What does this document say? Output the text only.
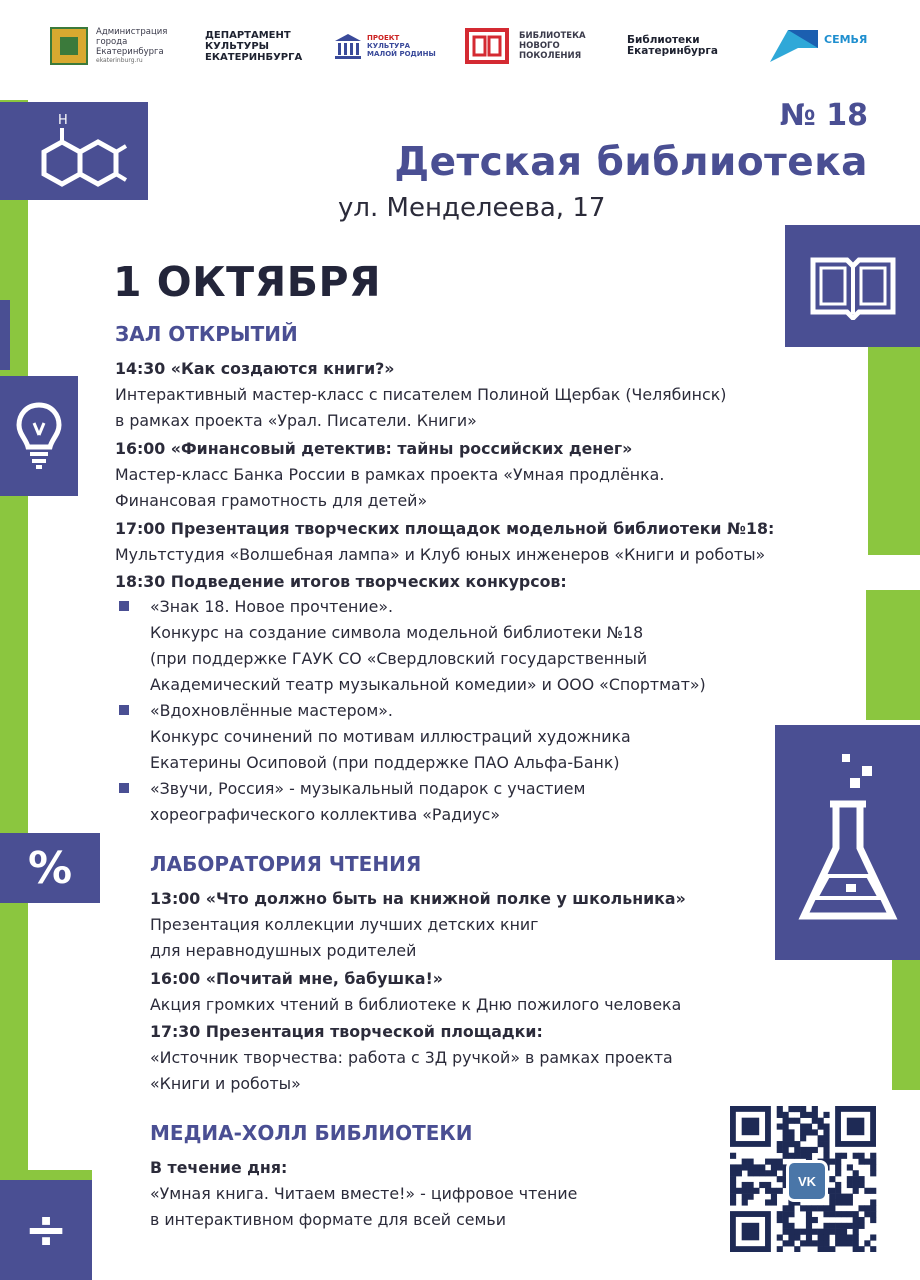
Администрация города Екатеринбурга
ekaterinburg.ru
ДЕПАРТАМЕНТ
КУЛЬТУРЫ
ЕКАТЕРИНБУРГА
ПРОЕКТ
КУЛЬТУРА
МАЛОЙ РОДИНЫ
БИБЛИОТЕКА
НОВОГО
ПОКОЛЕНИЯ
Библиотеки
Екатеринбурга
СЕМЬЯ
H
%
÷
№ 18
Детская библиотека
ул. Менделеева, 17
1 ОКТЯБРЯ
ЗАЛ ОТКРЫТИЙ
14:30 «Как создаются книги?»
Интерактивный мастер-класс с писателем Полиной Щербак (Челябинск)
в рамках проекта «Урал. Писатели. Книги»
16:00 «Финансовый детектив: тайны российских денег»
Мастер-класс Банка России в рамках проекта «Умная продлёнка.
Финансовая грамотность для детей»
17:00 Презентация творческих площадок модельной библиотеки №18:
Мультстудия «Волшебная лампа» и Клуб юных инженеров «Книги и роботы»
18:30 Подведение итогов творческих конкурсов:
«Знак 18. Новое прочтение».
Конкурс на создание символа модельной библиотеки №18
(при поддержке ГАУК СО «Свердловский государственный
Академический театр музыкальной комедии» и ООО «Спортмат»)
«Вдохновлённые мастером».
Конкурс сочинений по мотивам иллюстраций художника
Екатерины Осиповой (при поддержке ПАО Альфа-Банк)
«Звучи, Россия» - музыкальный подарок с участием
хореографического коллектива «Радиус»
ЛАБОРАТОРИЯ ЧТЕНИЯ
13:00 «Что должно быть на книжной полке у школьника»
Презентация коллекции лучших детских книг
для неравнодушных родителей
16:00 «Почитай мне, бабушка!»
Акция громких чтений в библиотеке к Дню пожилого человека
17:30 Презентация творческой площадки:
«Источник творчества: работа с 3Д ручкой» в рамках проекта
«Книги и роботы»
МЕДИА-ХОЛЛ БИБЛИОТЕКИ
В течение дня:
«Умная книга. Читаем вместе!» - цифровое чтение
в интерактивном формате для всей семьи
VK
